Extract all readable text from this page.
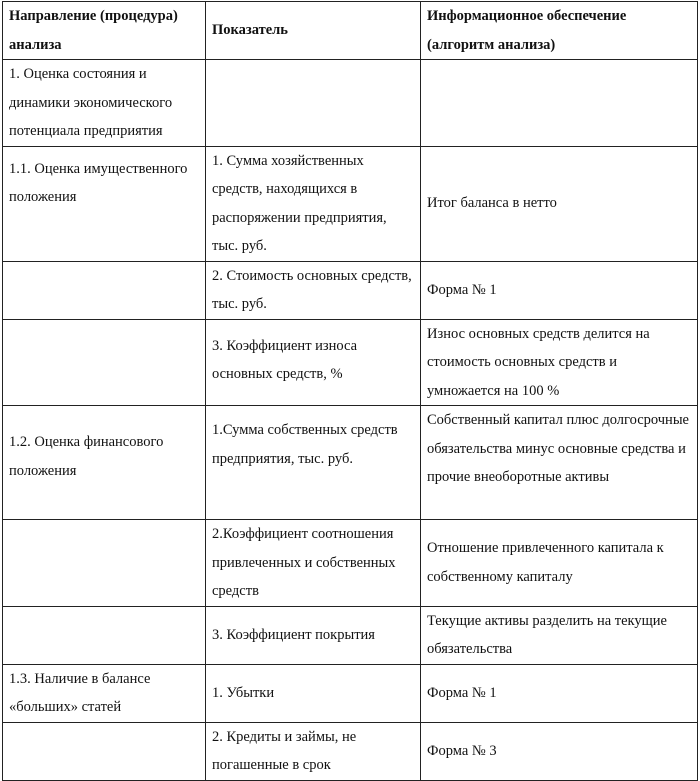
Направление (процедура) анализа	Показатель	Информационное обеспечение (алгоритм анализа)
1. Оценка состояния и динамики экономического потенциала предприятия		
1.1. Оценка имущественного положения	1. Сумма хозяйственных средств, находящихся в распоряжении предприятия, тыс. руб.	Итог баланса в нетто
	2. Стоимость основных средств, тыс. руб.	Форма № 1
	3. Коэффициент износа основных средств, %	Износ основных средств делится на стоимость основных средств и умножается на 100 %
1.2. Оценка финансового положения	1.Сумма собственных средств предприятия, тыс. руб.	Собственный капитал плюс долгосрочные обязательства минус основные средства и прочие внеоборотные активы
	2.Коэффициент соотношения привлеченных и собственных средств	Отношение привлеченного капитала к собственному капиталу
	3. Коэффициент покрытия	Текущие активы разделить на текущие обязательства
1.3. Наличие в балансе «больших» статей	1. Убытки	Форма № 1
	2. Кредиты и займы, не погашенные в срок	Форма № 3
